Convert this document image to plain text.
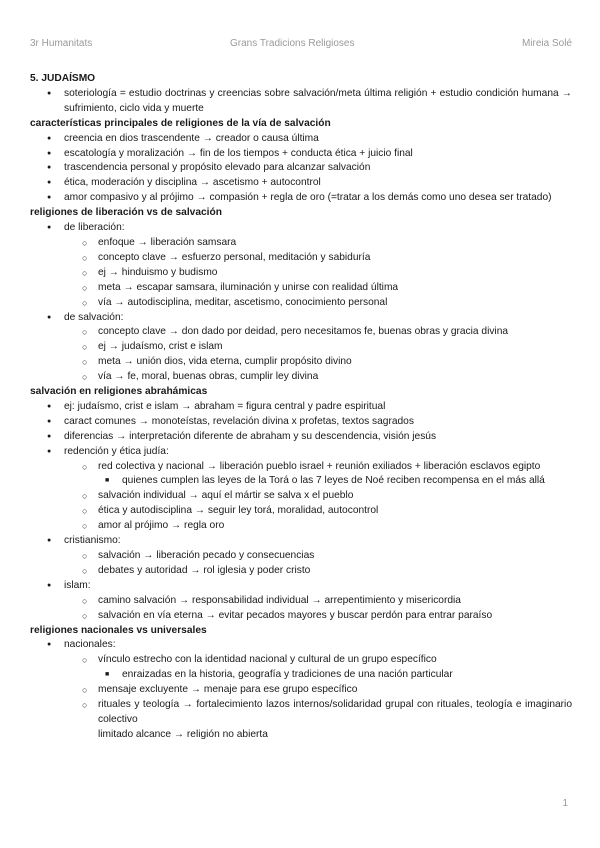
3r Humanitats	Grans Tradicions Religioses	Mireia Solé

5. JUDAÍSMO

● soteriología = estudio doctrinas y creencias sobre salvación/meta última religión + estudio condición humana → sufrimiento, ciclo vida y muerte

características principales de religiones de la vía de salvación

● creencia en dios trascendente → creador o causa última
● escatología y moralización → fin de los tiempos + conducta ética + juicio final
● trascendencia personal y propósito elevado para alcanzar salvación
● ética, moderación y disciplina → ascetismo + autocontrol
● amor compasivo y al prójimo → compasión + regla de oro (=tratar a los demás como uno desea ser tratado)

religiones de liberación vs de salvación

● de liberación:
○ enfoque → liberación samsara
○ concepto clave → esfuerzo personal, meditación y sabiduría
○ ej → hinduismo y budismo
○ meta → escapar samsara, iluminación y unirse con realidad última
○ vía → autodisciplina, meditar, ascetismo, conocimiento personal
● de salvación:
○ concepto clave → don dado por deidad, pero necesitamos fe, buenas obras y gracia divina
○ ej → judaísmo, crist e islam
○ meta → unión dios, vida eterna, cumplir propósito divino
○ vía → fe, moral, buenas obras, cumplir ley divina

salvación en religiones abrahámicas

● ej: judaísmo, crist e islam → abraham = figura central y padre espiritual
● caract comunes → monoteístas, revelación divina x profetas, textos sagrados
● diferencias → interpretación diferente de abraham y su descendencia, visión jesús
● redención y ética judía:
○ red colectiva y nacional → liberación pueblo israel + reunión exiliados + liberación esclavos egipto
■ quienes cumplen las leyes de la Torá o las 7 leyes de Noé reciben recompensa en el más allá
○ salvación individual → aquí el mártir se salva x el pueblo
○ ética y autodisciplina → seguir ley torá, moralidad, autocontrol
○ amor al prójimo → regla oro
● cristianismo:
○ salvación → liberación pecado y consecuencias
○ debates y autoridad → rol iglesia y poder cristo
● islam:
○ camino salvación → responsabilidad individual → arrepentimiento y misericordia
○ salvación en vía eterna → evitar pecados mayores y buscar perdón para entrar paraíso

religiones nacionales vs universales

● nacionales:
○ vínculo estrecho con la identidad nacional y cultural de un grupo específico
■ enraizadas en la historia, geografía y tradiciones de una nación particular
○ mensaje excluyente → menaje para ese grupo específico
○ rituales y teología → fortalecimiento lazos internos/solidaridad grupal con rituales, teología e imaginario colectivo
limitado alcance → religión no abierta
1
